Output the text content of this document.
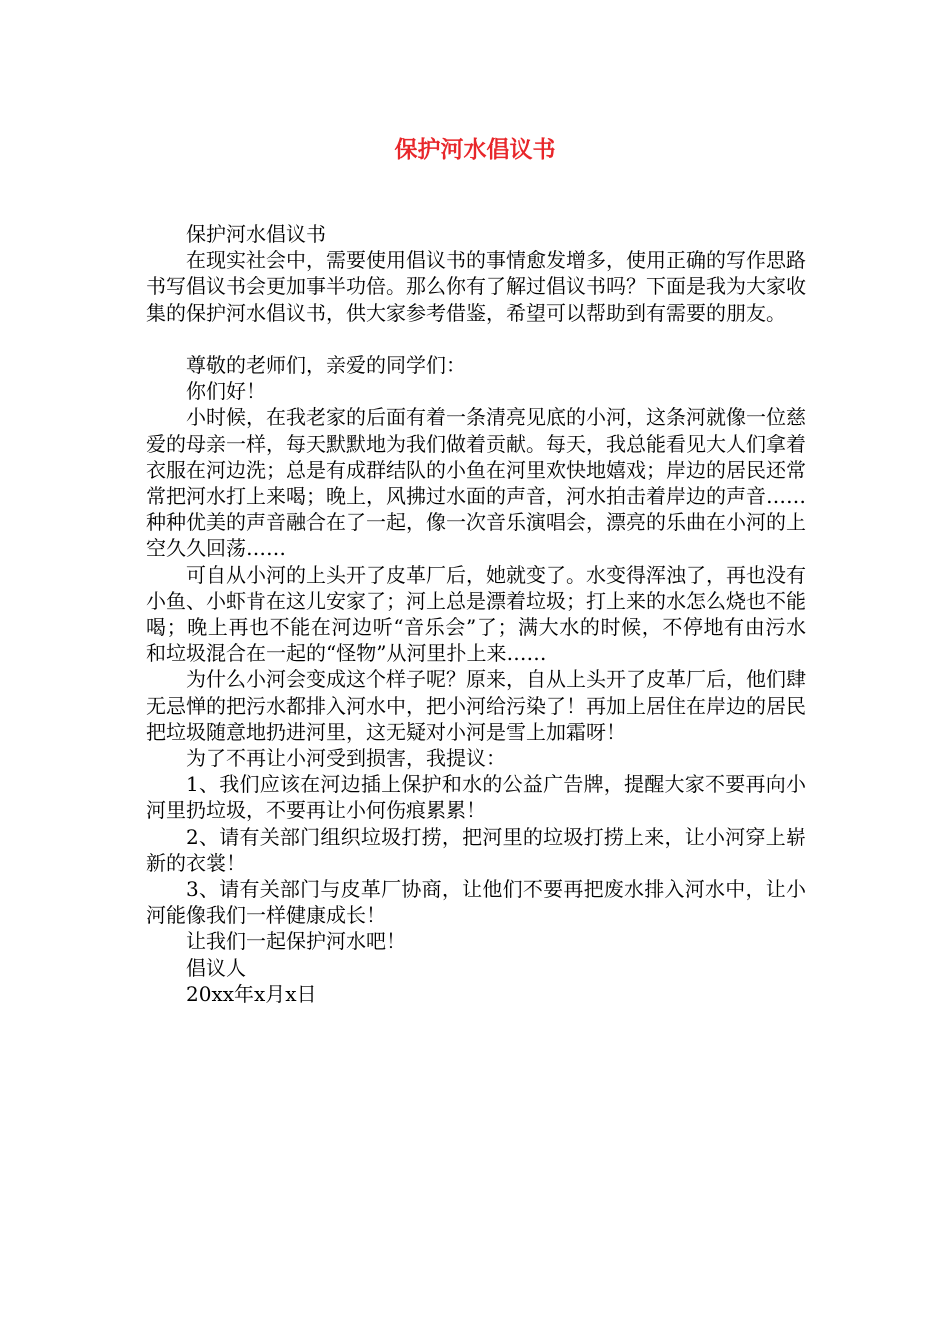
保护河水倡议书

保护河水倡议书

在现实社会中，需要使用倡议书的事情愈发增多，使用正确的写作思路书写倡议书会更加事半功倍。那么你有了解过倡议书吗？下面是我为大家收集的保护河水倡议书，供大家参考借鉴，希望可以帮助到有需要的朋友。

尊敬的老师们，亲爱的同学们：

你们好！

小时候，在我老家的后面有着一条清亮见底的小河，这条河就像一位慈爱的母亲一样，每天默默地为我们做着贡献。每天，我总能看见大人们拿着衣服在河边洗；总是有成群结队的小鱼在河里欢快地嬉戏；岸边的居民还常常把河水打上来喝；晚上，风拂过水面的声音，河水拍击着岸边的声音……种种优美的声音融合在了一起，像一次音乐演唱会，漂亮的乐曲在小河的上空久久回荡……

可自从小河的上头开了皮革厂后，她就变了。水变得浑浊了，再也没有小鱼、小虾肯在这儿安家了；河上总是漂着垃圾；打上来的水怎么烧也不能喝；晚上再也不能在河边听“音乐会”了；满大水的时候，不停地有由污水和垃圾混合在一起的“怪物”从河里扑上来……

为什么小河会变成这个样子呢？原来，自从上头开了皮革厂后，他们肆无忌惮的把污水都排入河水中，把小河给污染了！再加上居住在岸边的居民把垃圾随意地扔进河里，这无疑对小河是雪上加霜呀！

为了不再让小河受到损害，我提议：

1、我们应该在河边插上保护和水的公益广告牌，提醒大家不要再向小河里扔垃圾，不要再让小何伤痕累累！

2、请有关部门组织垃圾打捞，把河里的垃圾打捞上来，让小河穿上崭新的衣裳！

3、请有关部门与皮革厂协商，让他们不要再把废水排入河水中，让小河能像我们一样健康成长！

让我们一起保护河水吧！

倡议人

20xx年x月x日
